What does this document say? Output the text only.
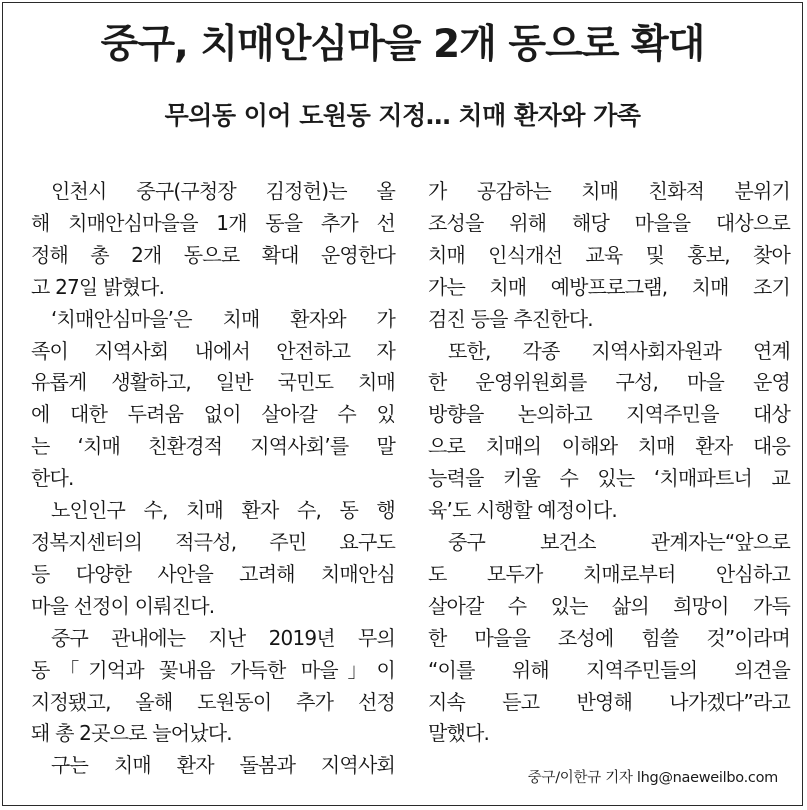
중구, 치매안심마을 2개 동으로 확대
무의동 이어 도원동 지정… 치매 환자와 가족

인천시 중구(구청장 김정헌)는 올

해 치매안심마을을 1개 동을 추가 선

정해 총 2개 동으로 확대 운영한다

고 27일 밝혔다.

‘치매안심마을’은 치매 환자와 가

족이 지역사회 내에서 안전하고 자

유롭게 생활하고, 일반 국민도 치매

에 대한 두려움 없이 살아갈 수 있

는 ‘치매 친환경적 지역사회’를 말

한다.

노인인구 수, 치매 환자 수, 동 행

정복지센터의 적극성, 주민 요구도

등 다양한 사안을 고려해 치매안심

마을 선정이 이뤄진다.

중구 관내에는 지난 2019년 무의

동「기억과 꽃내음 가득한 마을」이

지정됐고, 올해 도원동이 추가 선정

돼 총 2곳으로 늘어났다.

구는 치매 환자 돌봄과 지역사회

가 공감하는 치매 친화적 분위기

조성을 위해 해당 마을을 대상으로

치매 인식개선 교육 및 홍보, 찾아

가는 치매 예방프로그램, 치매 조기

검진 등을 추진한다.

또한, 각종 지역사회자원과 연계

한 운영위원회를 구성, 마을 운영

방향을 논의하고 지역주민을 대상

으로 치매의 이해와 치매 환자 대응

능력을 키울 수 있는 ‘치매파트너 교

육’도 시행할 예정이다.

중구 보건소 관계자는“앞으로

도 모두가 치매로부터 안심하고

살아갈 수 있는 삶의 희망이 가득

한 마을을 조성에 힘쓸 것”이라며

“이를 위해 지역주민들의 의견을

지속 듣고 반영해 나가겠다”라고

말했다.

중구/이한규 기자 lhg@naeweilbo.com
